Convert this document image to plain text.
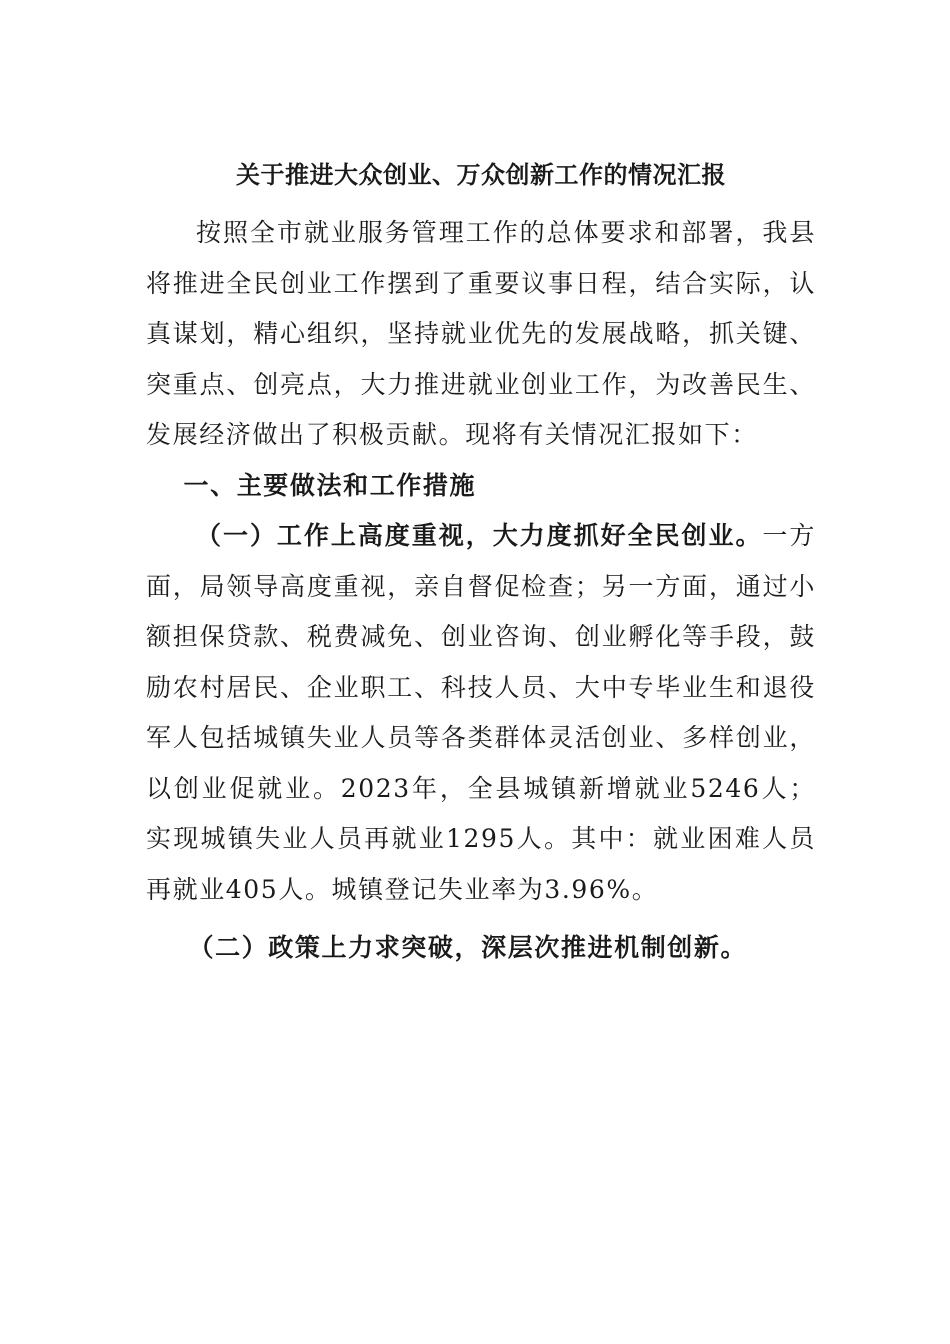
关于推进大众创业、万众创新工作的情况汇报

按照全市就业服务管理工作的总体要求和部署，我县将推进全民创业工作摆到了重要议事日程，结合实际，认真谋划，精心组织，坚持就业优先的发展战略，抓关键、突重点、创亮点，大力推进就业创业工作，为改善民生、发展经济做出了积极贡献。现将有关情况汇报如下：

一、主要做法和工作措施

（一）工作上高度重视，大力度抓好全民创业。一方面，局领导高度重视，亲自督促检查；另一方面，通过小额担保贷款、税费减免、创业咨询、创业孵化等手段，鼓励农村居民、企业职工、科技人员、大中专毕业生和退役军人包括城镇失业人员等各类群体灵活创业、多样创业，以创业促就业。2023年，全县城镇新增就业5246人；实现城镇失业人员再就业1295人。其中：就业困难人员再就业405人。城镇登记失业率为3.96%。

（二）政策上力求突破，深层次推进机制创新。
